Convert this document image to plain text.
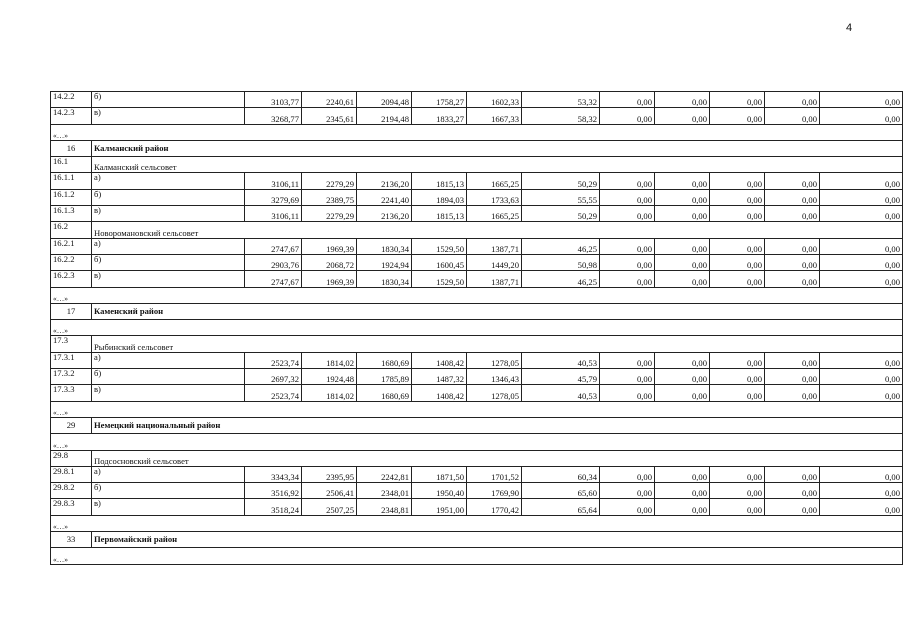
4
14.2.2	б)	3103,77	2240,61	2094,48	1758,27	1602,33	53,32	0,00	0,00	0,00	0,00	0,00
14.2.3	в)	3268,77	2345,61	2194,48	1833,27	1667,33	58,32	0,00	0,00	0,00	0,00	0,00
«…»												
16	Калманский район											
16.1	Калманский сельсовет											
16.1.1	а)	3106,11	2279,29	2136,20	1815,13	1665,25	50,29	0,00	0,00	0,00	0,00	0,00
16.1.2	б)	3279,69	2389,75	2241,40	1894,03	1733,63	55,55	0,00	0,00	0,00	0,00	0,00
16.1.3	в)	3106,11	2279,29	2136,20	1815,13	1665,25	50,29	0,00	0,00	0,00	0,00	0,00
16.2	Новоромановский сельсовет											
16.2.1	а)	2747,67	1969,39	1830,34	1529,50	1387,71	46,25	0,00	0,00	0,00	0,00	0,00
16.2.2	б)	2903,76	2068,72	1924,94	1600,45	1449,20	50,98	0,00	0,00	0,00	0,00	0,00
16.2.3	в)	2747,67	1969,39	1830,34	1529,50	1387,71	46,25	0,00	0,00	0,00	0,00	0,00
«…»												
17	Каменский район											
«…»												
17.3	Рыбинский сельсовет											
17.3.1	а)	2523,74	1814,02	1680,69	1408,42	1278,05	40,53	0,00	0,00	0,00	0,00	0,00
17.3.2	б)	2697,32	1924,48	1785,89	1487,32	1346,43	45,79	0,00	0,00	0,00	0,00	0,00
17.3.3	в)	2523,74	1814,02	1680,69	1408,42	1278,05	40,53	0,00	0,00	0,00	0,00	0,00
«…»												
29	Немецкий национальный район											
«…»												
29.8	Подсосновский сельсовет											
29.8.1	а)	3343,34	2395,95	2242,81	1871,50	1701,52	60,34	0,00	0,00	0,00	0,00	0,00
29.8.2	б)	3516,92	2506,41	2348,01	1950,40	1769,90	65,60	0,00	0,00	0,00	0,00	0,00
29.8.3	в)	3518,24	2507,25	2348,81	1951,00	1770,42	65,64	0,00	0,00	0,00	0,00	0,00
«…»												
33	Первомайский район											
«…»												
